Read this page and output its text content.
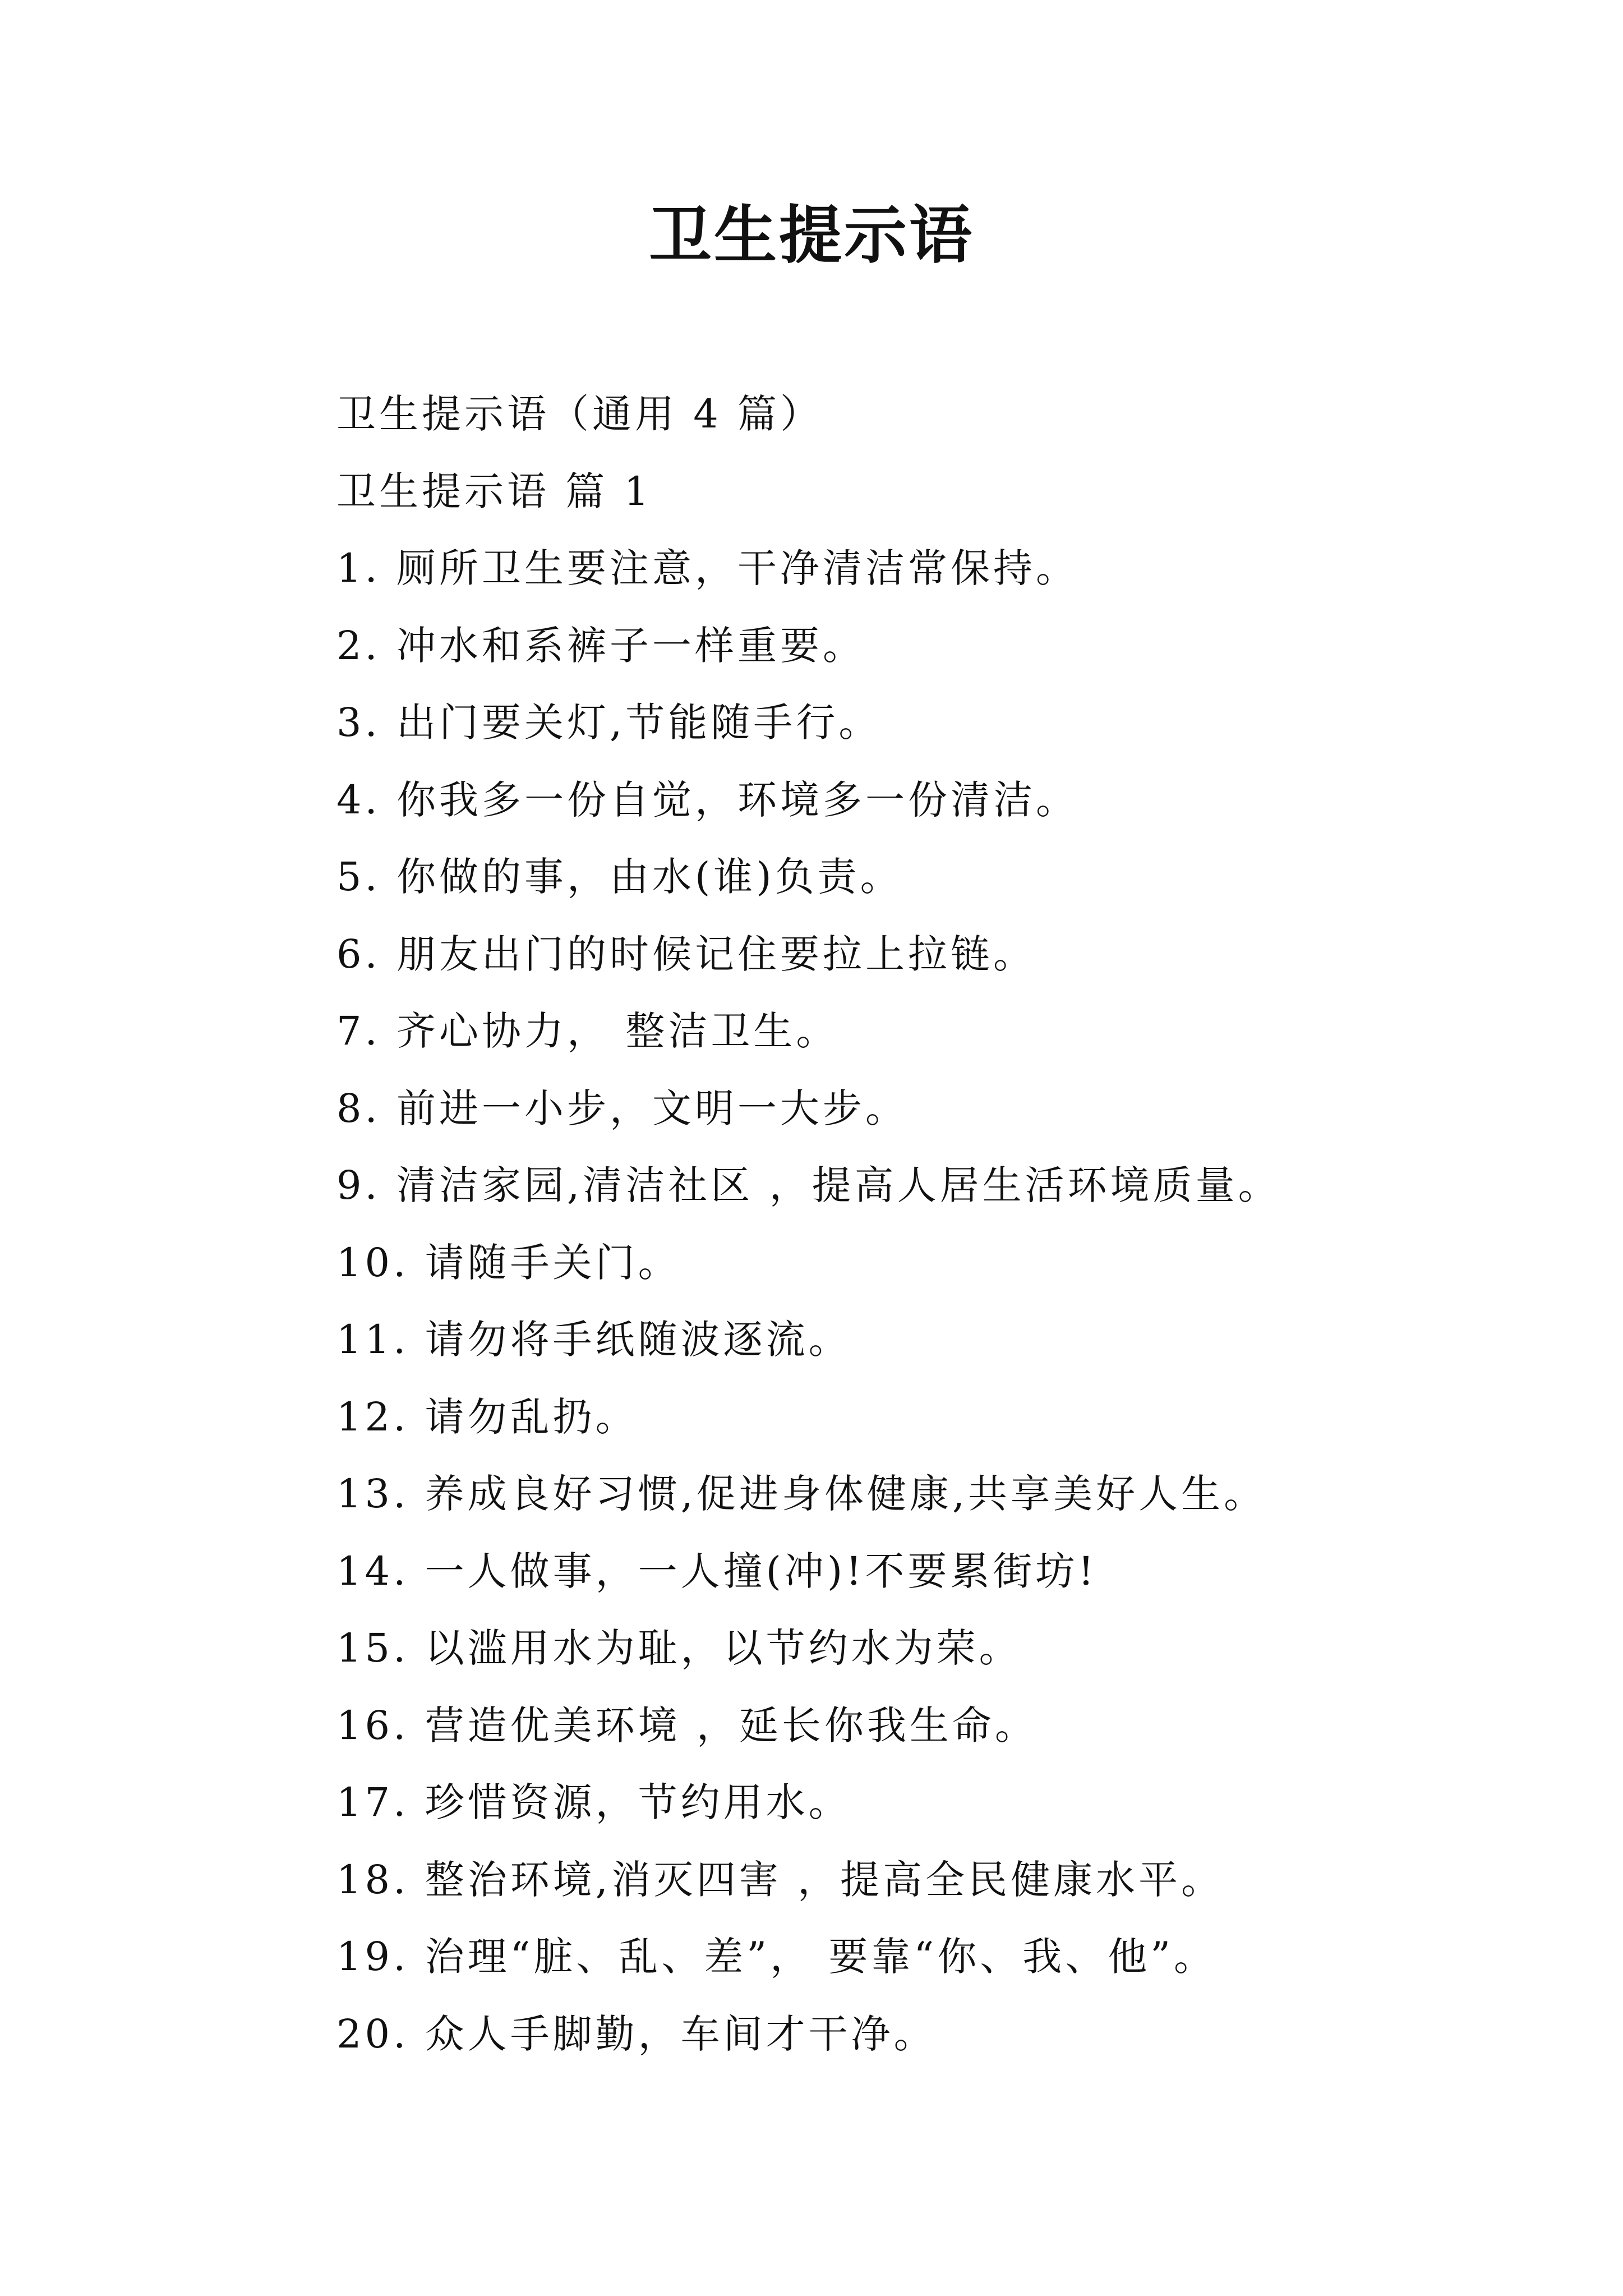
卫生提示语
卫生提示语（通用 4 篇）
卫生提示语 篇 1
1. 厕所卫生要注意，干净清洁常保持。
2. 冲水和系裤子一样重要。
3. 出门要关灯,节能随手行。
4. 你我多一份自觉，环境多一份清洁。
5. 你做的事，由水(谁)负责。
6. 朋友出门的时候记住要拉上拉链。
7. 齐心协力， 整洁卫生。
8. 前进一小步，文明一大步。
9. 清洁家园,清洁社区 ，提高人居生活环境质量。
10. 请随手关门。
11. 请勿将手纸随波逐流。
12. 请勿乱扔。
13. 养成良好习惯,促进身体健康,共享美好人生。
14. 一人做事，一人撞(冲)!不要累街坊!
15. 以滥用水为耻，以节约水为荣。
16. 营造优美环境 ，延长你我生命。
17. 珍惜资源，节约用水。
18. 整治环境,消灭四害 ，提高全民健康水平。
19. 治理“脏、乱、差”， 要靠“你、我、他”。
20. 众人手脚勤，车间才干净。
